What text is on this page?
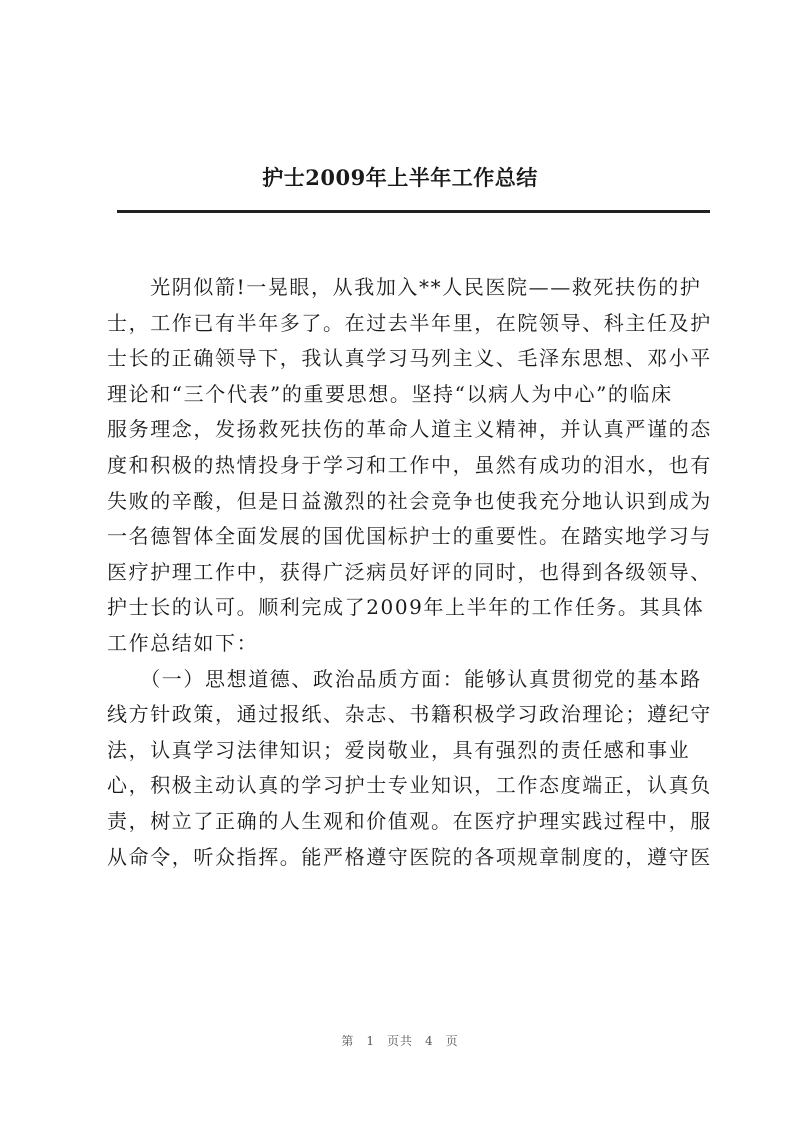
护士2009年上半年工作总结
　　光阴似箭!一晃眼，从我加入**人民医院——救死扶伤的护
士，工作已有半年多了。在过去半年里，在院领导、科主任及护
士长的正确领导下，我认真学习马列主义、毛泽东思想、邓小平
理论和“三个代表”的重要思想。坚持“以病人为中心”的临床
服务理念，发扬救死扶伤的革命人道主义精神，并认真严谨的态
度和积极的热情投身于学习和工作中，虽然有成功的泪水，也有
失败的辛酸，但是日益激烈的社会竞争也使我充分地认识到成为
一名德智体全面发展的国优国标护士的重要性。在踏实地学习与
医疗护理工作中，获得广泛病员好评的同时，也得到各级领导、
护士长的认可。顺利完成了2009年上半年的工作任务。其具体
工作总结如下：
　　（一）思想道德、政治品质方面：能够认真贯彻党的基本路
线方针政策，通过报纸、杂志、书籍积极学习政治理论；遵纪守
法，认真学习法律知识；爱岗敬业，具有强烈的责任感和事业
心，积极主动认真的学习护士专业知识，工作态度端正，认真负
责，树立了正确的人生观和价值观。在医疗护理实践过程中，服
从命令，听众指挥。能严格遵守医院的各项规章制度的，遵守医
第 1 页共 4 页
